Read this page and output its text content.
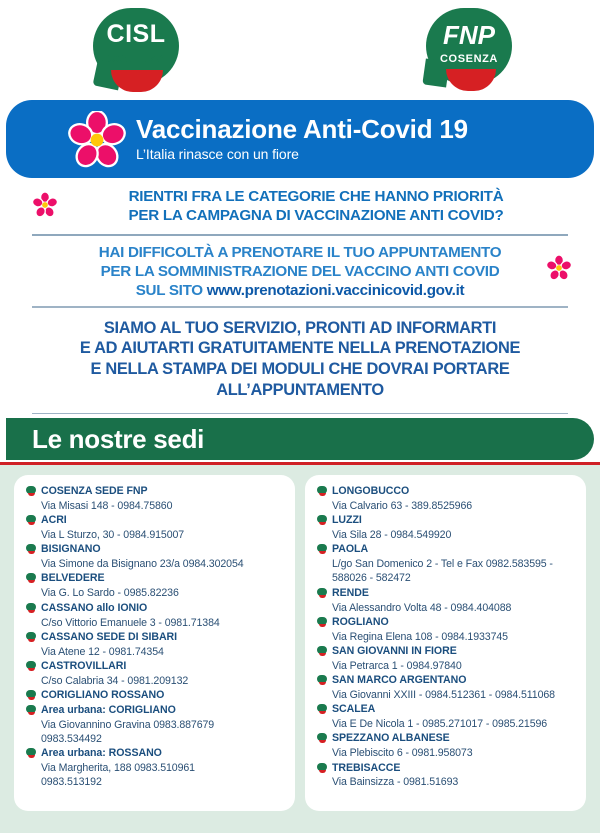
CISL
COSENZA
FNP
COSENZA
Vaccinazione Anti-Covid 19
L’Italia rinasce con un fiore
RIENTRI FRA LE CATEGORIE CHE HANNO PRIORITÀ
PER LA CAMPAGNA DI VACCINAZIONE ANTI COVID?
HAI DIFFICOLTÀ A PRENOTARE IL TUO APPUNTAMENTO
PER LA SOMMINISTRAZIONE DEL VACCINO ANTI COVID
SUL SITO www.prenotazioni.vaccinicovid.gov.it
SIAMO AL TUO SERVIZIO, PRONTI AD INFORMARTI
E AD AIUTARTI GRATUITAMENTE NELLA PRENOTAZIONE
E NELLA STAMPA DEI MODULI CHE DOVRAI PORTARE
ALL’APPUNTAMENTO
Le nostre sedi
COSENZA SEDE FNP
Via Misasi 148 - 0984.75860
ACRI
Via L Sturzo, 30 - 0984.915007
BISIGNANO
Via Simone da Bisignano 23/a 0984.302054
BELVEDERE
Via G. Lo Sardo - 0985.82236
CASSANO allo IONIO
C/so Vittorio Emanuele 3 - 0981.71384
CASSANO SEDE DI SIBARI
Via Atene 12 - 0981.74354
CASTROVILLARI
C/so Calabria 34 - 0981.209132
CORIGLIANO ROSSANO
Area urbana: CORIGLIANO
Via Giovannino Gravina 0983.887679
0983.534492
Area urbana: ROSSANO
Via Margherita, 188 0983.510961
0983.513192
LONGOBUCCO
Via Calvario 63 - 389.8525966
LUZZI
Via Sila 28 - 0984.549920
PAOLA
L/go San Domenico 2 - Tel e Fax 0982.583595 -
588026 - 582472
RENDE
Via Alessandro Volta 48 - 0984.404088
ROGLIANO
Via Regina Elena 108 - 0984.1933745
SAN GIOVANNI IN FIORE
Via Petrarca 1 - 0984.97840
SAN MARCO ARGENTANO
Via Giovanni XXIII - 0984.512361 - 0984.511068
SCALEA
Via E De Nicola 1 - 0985.271017 - 0985.21596
SPEZZANO ALBANESE
Via Plebiscito 6 - 0981.958073
TREBISACCE
Via Bainsizza - 0981.51693
